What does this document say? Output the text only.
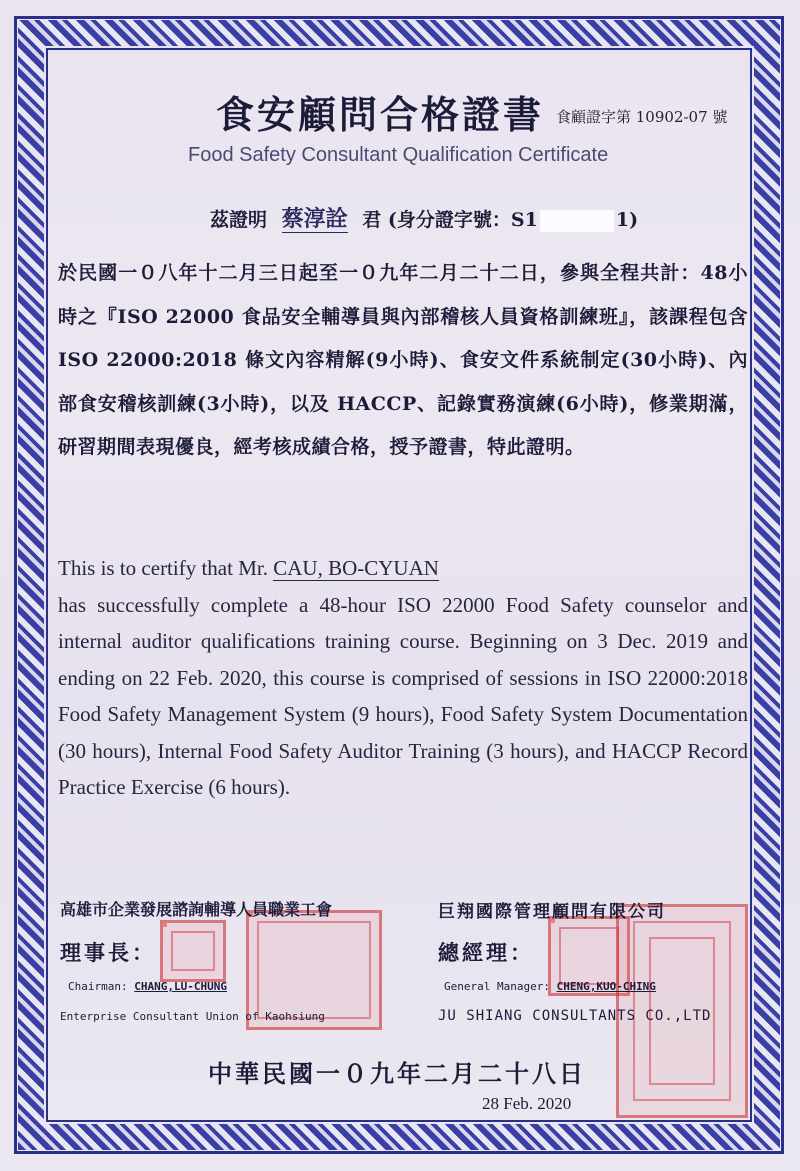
食安顧問合格證書 食顧證字第 10902-07 號
Food Safety Consultant Qualification Certificate
茲證明 蔡淳詮 君 (身分證字號：S1	1)
於民國一０八年十二月三日起至一０九年二月二十二日，參與全程共計：48小時之『ISO 22000 食品安全輔導員與內部稽核人員資格訓練班』，該課程包含 ISO 22000:2018 條文內容精解(9小時)、食安文件系統制定(30小時)、內部食安稽核訓練(3小時)，以及 HACCP、記錄實務演練(6小時)，修業期滿，研習期間表現優良，經考核成績合格，授予證書，特此證明。
This is to certify that Mr. CAU, BO-CYUAN
has successfully complete a 48-hour ISO 22000 Food Safety counselor and internal auditor qualifications training course. Beginning on 3 Dec. 2019 and ending on 22 Feb. 2020, this course is comprised of sessions in ISO 22000:2018 Food Safety Management System (9 hours), Food Safety System Documentation (30 hours), Internal Food Safety Auditor Training (3 hours), and HACCP Record Practice Exercise (6 hours).
高雄市企業發展諮詢輔導人員職業工會	巨翔國際管理顧問有限公司
理事長：	總經理：
Chairman: CHANG,LU-CHUNG	General Manager: CHENG,KUO-CHING
Enterprise Consultant Union of Kaohsiung	JU SHIANG CONSULTANTS CO.,LTD
中華民國一０九年二月二十八日
28 Feb. 2020
